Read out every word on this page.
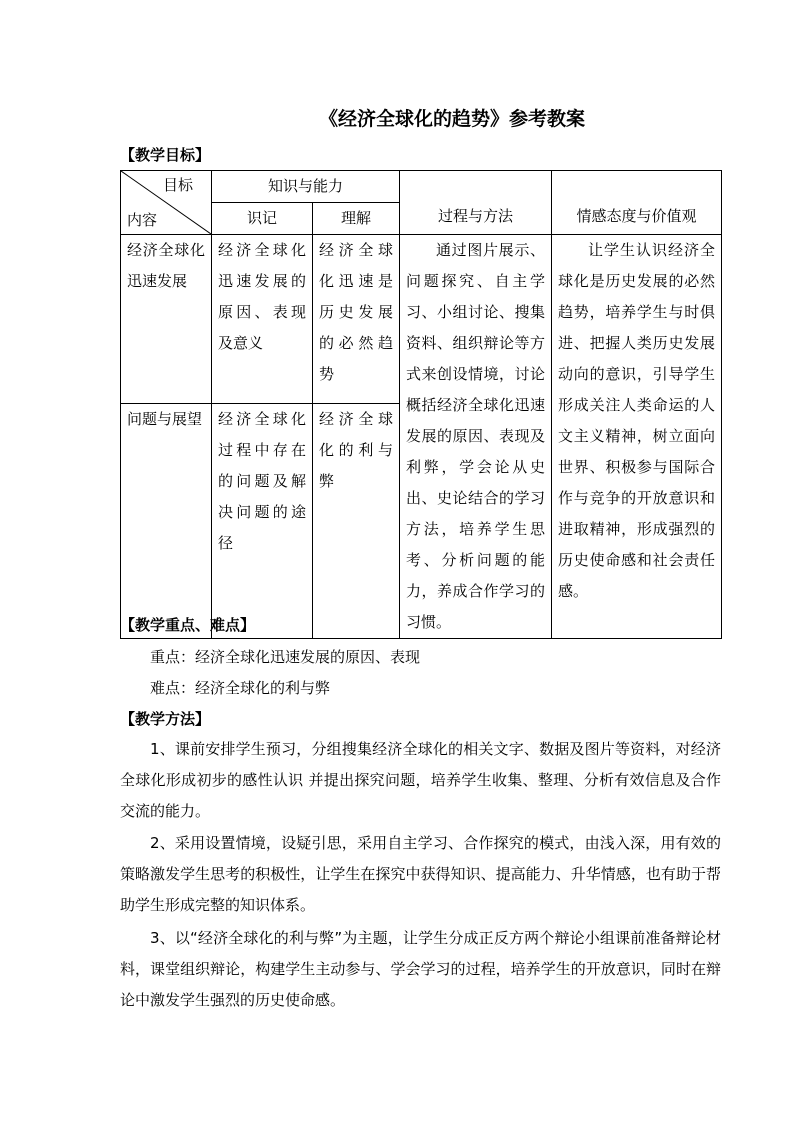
《经济全球化的趋势》参考教案
【教学目标】
目标
内容	知识与能力		过程与方法	情感态度与价值观
	识记	理解		
经济全球化迅速发展	经济全球化迅速发展的原因、表现及意义	经济全球化迅速是历史发展的必然趋势	通过图片展示、问题探究、自主学习、小组讨论、搜集资料、组织辩论等方式来创设情境，讨论概括经济全球化迅速发展的原因、表现及利弊，学会论从史出、史论结合的学习方法，培养学生思考、分析问题的能力，养成合作学习的习惯。	让学生认识经济全球化是历史发展的必然趋势，培养学生与时俱进、把握人类历史发展动向的意识，引导学生形成关注人类命运的人文主义精神，树立面向世界、积极参与国际合作与竞争的开放意识和进取精神，形成强烈的历史使命感和社会责任感。
问题与展望	经济全球化过程中存在的问题及解决问题的途径	经济全球化的利与弊		
【教学重点、难点】
重点：经济全球化迅速发展的原因、表现
难点：经济全球化的利与弊
【教学方法】
1、课前安排学生预习，分组搜集经济全球化的相关文字、数据及图片等资料，对经济全球化形成初步的感性认识 并提出探究问题，培养学生收集、整理、分析有效信息及合作交流的能力。
2、采用设置情境，设疑引思，采用自主学习、合作探究的模式，由浅入深，用有效的策略激发学生思考的积极性，让学生在探究中获得知识、提高能力、升华情感，也有助于帮助学生形成完整的知识体系。
3、以“经济全球化的利与弊”为主题，让学生分成正反方两个辩论小组课前准备辩论材料，课堂组织辩论，构建学生主动参与、学会学习的过程，培养学生的开放意识，同时在辩论中激发学生强烈的历史使命感。
